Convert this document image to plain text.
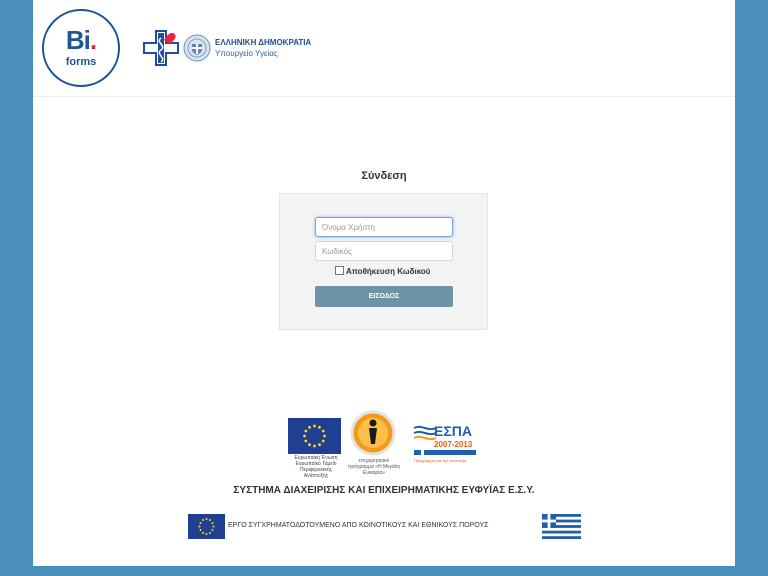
Bi.
forms
ΕΛΛΗΝΙΚΗ ΔΗΜΟΚΡΑΤΙΑ
Υπουργείο Υγείας
Σύνδεση
Όνομα Χρήστη
Αποθήκευση Κωδικού
ΕΙΣΟΔΟΣ
Ευρωπαϊκή Ένωση
Ευρωπαϊκό Ταμείο Περιφερειακής Ανάπτυξης
επιχειρησιακό πρόγραμμα «Η Μεγάλη Ευκαιρία»
ΕΣΠΑ
2007-2013
Πρόγραμμα για την ανάπτυξη
ΣΥΣΤΗΜΑ ΔΙΑΧΕΙΡΙΣΗΣ ΚΑΙ ΕΠΙΧΕΙΡΗΜΑΤΙΚΗΣ ΕΥΦΥΪΑΣ Ε.Σ.Υ.
ΕΡΓΟ ΣΥΓΧΡΗΜΑΤΟΔΟΤΟΥΜΕΝΟ ΑΠΟ ΚΟΙΝΟΤΙΚΟΥΣ ΚΑΙ ΕΘΝΙΚΟΥΣ ΠΟΡΟΥΣ
